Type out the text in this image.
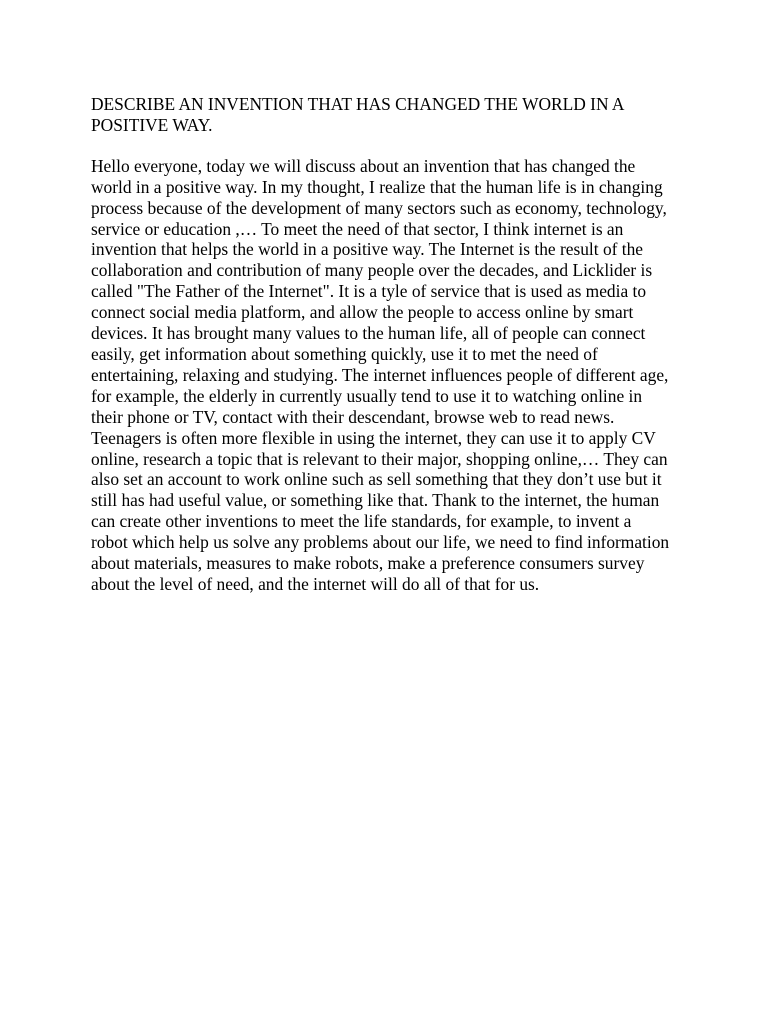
DESCRIBE AN INVENTION THAT HAS CHANGED THE WORLD IN A
POSITIVE WAY.

Hello everyone, today we will discuss about an invention that has changed the
world in a positive way. In my thought, I realize that the human life is in changing
process because of the development of many sectors such as economy, technology,
service or education ,… To meet the need of that sector, I think internet is an
invention that helps the world in a positive way. The Internet is the result of the
collaboration and contribution of many people over the decades, and Licklider is
called "The Father of the Internet". It is a tyle of service that is used as media to
connect social media platform, and allow the people to access online by smart
devices. It has brought many values to the human life, all of people can connect
easily, get information about something quickly, use it to met the need of
entertaining, relaxing and studying. The internet influences people of different age,
for example, the elderly in currently usually tend to use it to watching online in
their phone or TV, contact with their descendant, browse web to read news.
Teenagers is often more flexible in using the internet, they can use it to apply CV
online, research a topic that is relevant to their major, shopping online,… They can
also set an account to work online such as sell something that they don’t use but it
still has had useful value, or something like that. Thank to the internet, the human
can create other inventions to meet the life standards, for example, to invent a
robot which help us solve any problems about our life, we need to find information
about materials, measures to make robots, make a preference consumers survey
about the level of need, and the internet will do all of that for us.
